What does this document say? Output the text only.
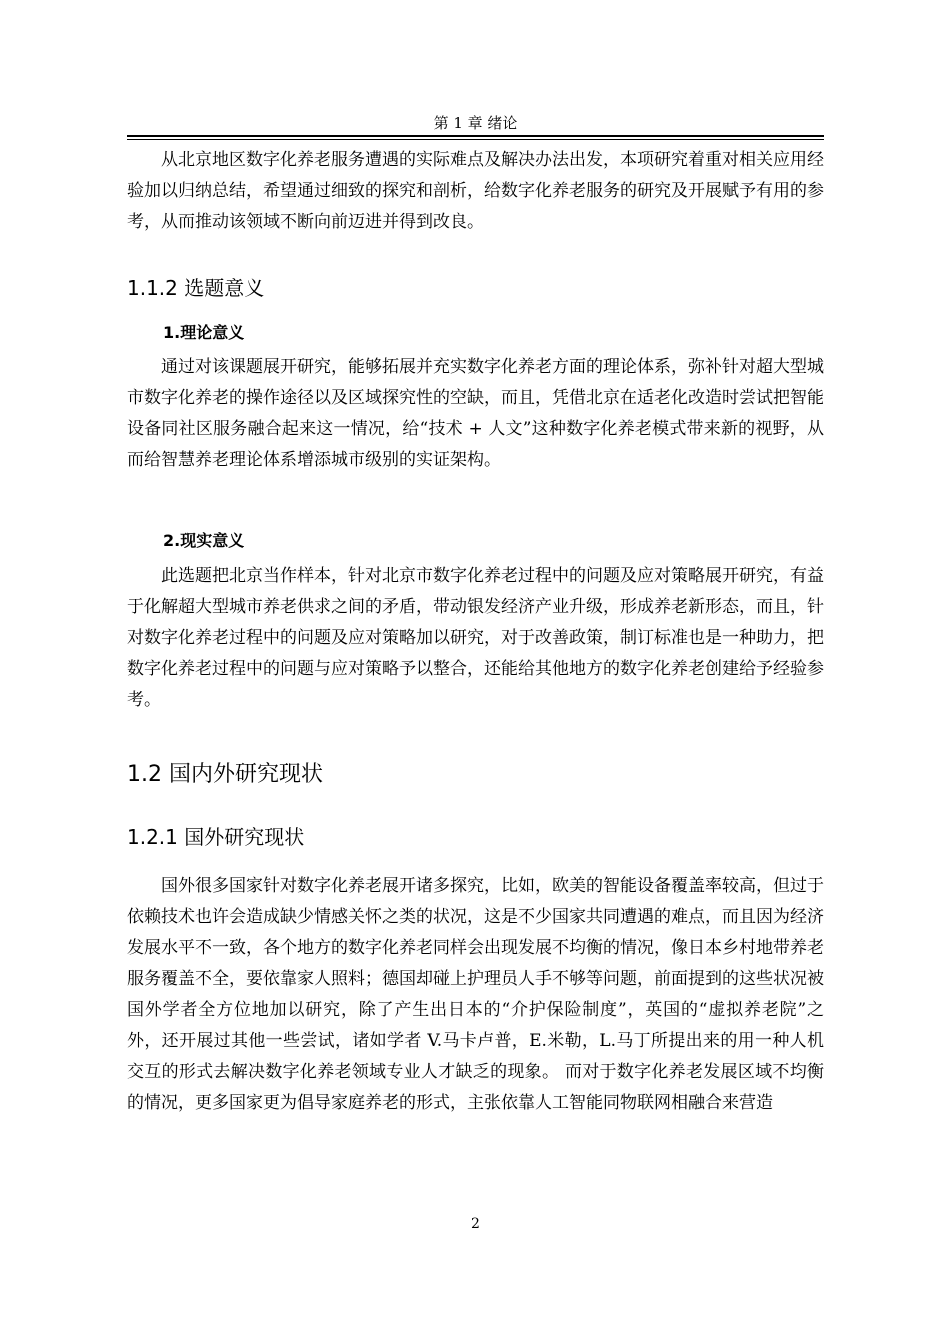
第 1 章 绪论

从北京地区数字化养老服务遭遇的实际难点及解决办法出发，本项研究着重对相关应用经验加以归纳总结，希望通过细致的探究和剖析，给数字化养老服务的研究及开展赋予有用的参考，从而推动该领域不断向前迈进并得到改良。

1.1.2 选题意义
1.理论意义

通过对该课题展开研究，能够拓展并充实数字化养老方面的理论体系，弥补针对超大型城市数字化养老的操作途径以及区域探究性的空缺，而且，凭借北京在适老化改造时尝试把智能设备同社区服务融合起来这一情况，给“技术 + 人文”这种数字化养老模式带来新的视野，从而给智慧养老理论体系增添城市级别的实证架构。

2.现实意义

此选题把北京当作样本，针对北京市数字化养老过程中的问题及应对策略展开研究，有益于化解超大型城市养老供求之间的矛盾，带动银发经济产业升级，形成养老新形态，而且，针对数字化养老过程中的问题及应对策略加以研究，对于改善政策，制订标准也是一种助力，把数字化养老过程中的问题与应对策略予以整合，还能给其他地方的数字化养老创建给予经验参考。

1.2 国内外研究现状
1.2.1 国外研究现状

国外很多国家针对数字化养老展开诸多探究，比如，欧美的智能设备覆盖率较高，但过于依赖技术也许会造成缺少情感关怀之类的状况，这是不少国家共同遭遇的难点，而且因为经济发展水平不一致，各个地方的数字化养老同样会出现发展不均衡的情况，像日本乡村地带养老服务覆盖不全，要依靠家人照料；德国却碰上护理员人手不够等问题，前面提到的这些状况被国外学者全方位地加以研究，除了产生出日本的“介护保险制度”，英国的“虚拟养老院”之外，还开展过其他一些尝试，诸如学者 V.马卡卢普，E.米勒，L.马丁所提出来的用一种人机交互的形式去解决数字化养老领域专业人才缺乏的现象。 而对于数字化养老发展区域不均衡的情况，更多国家更为倡导家庭养老的形式，主张依靠人工智能同物联网相融合来营造

2
